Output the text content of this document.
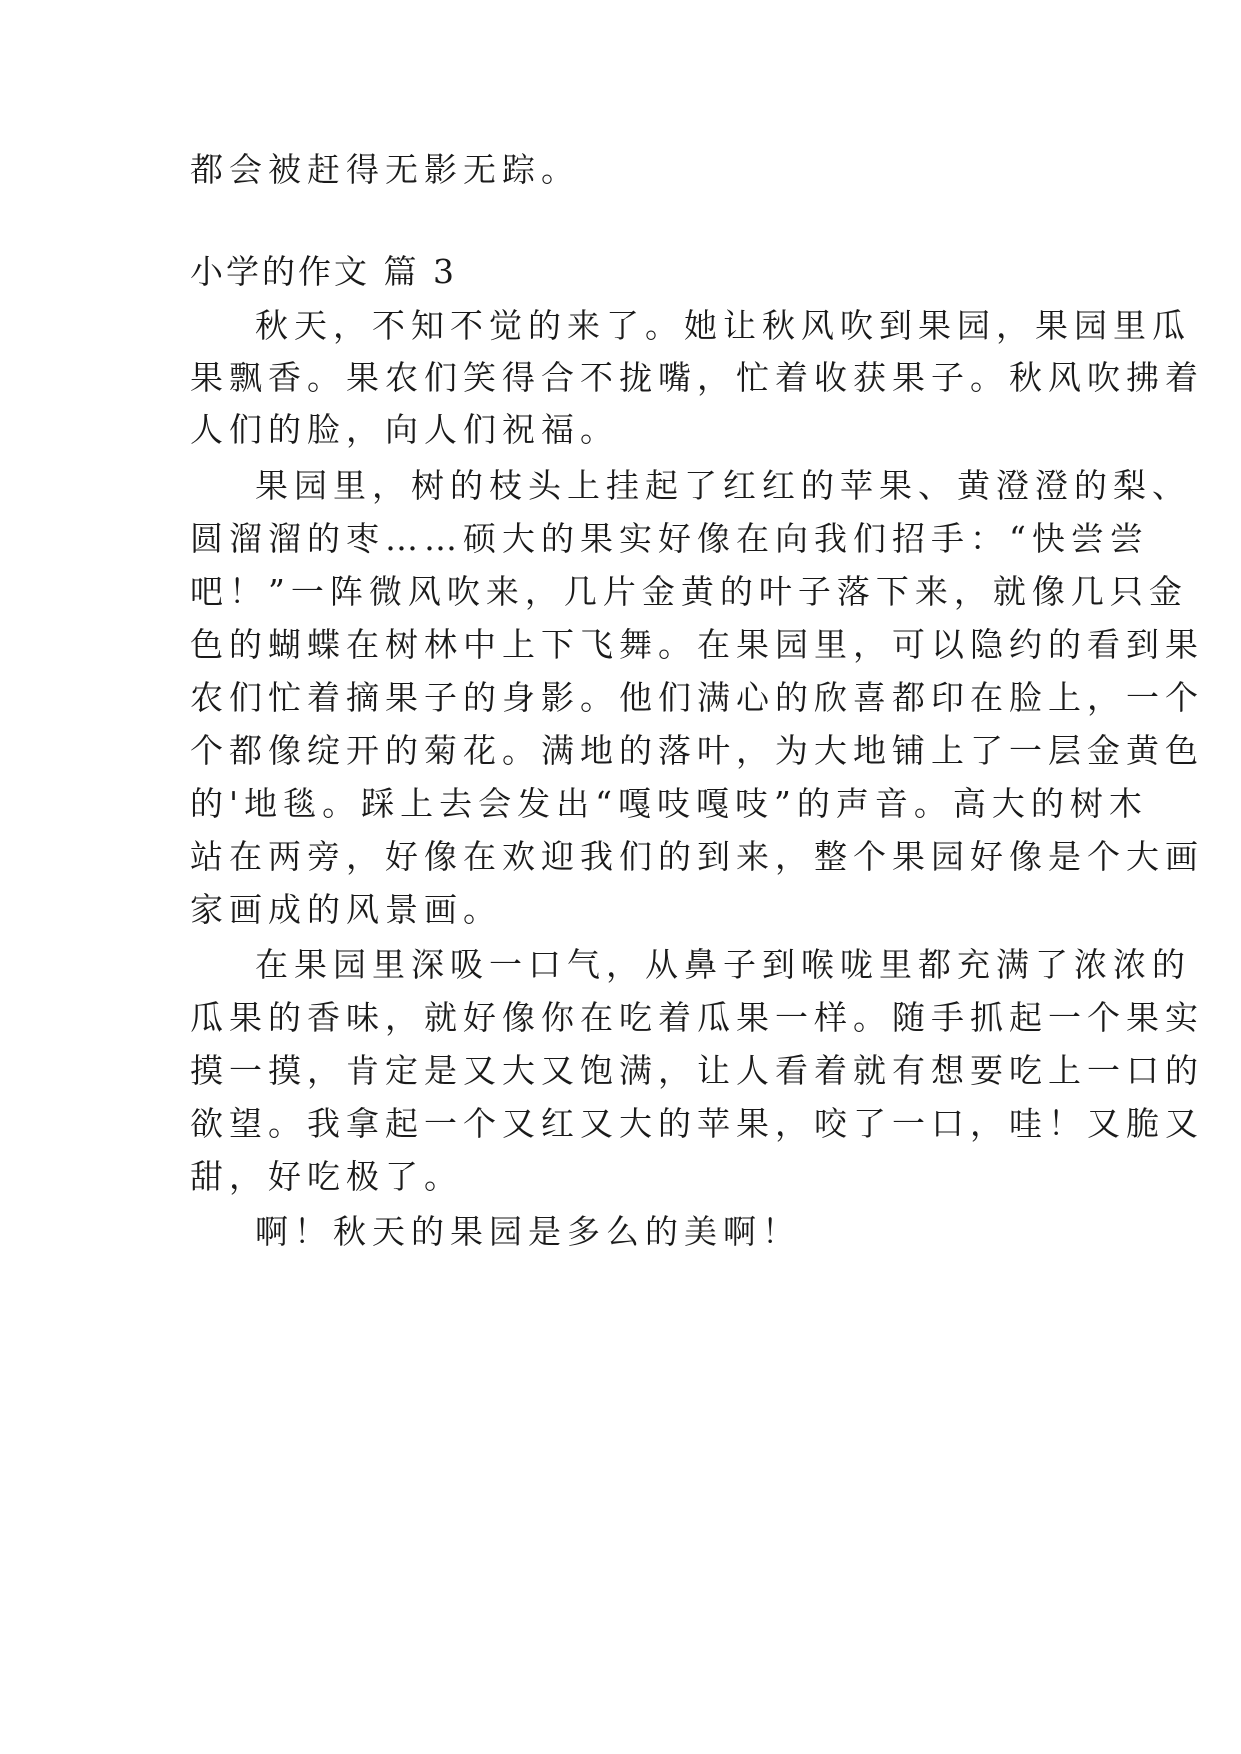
都会被赶得无影无踪。
小学的作文 篇 3
秋天，不知不觉的来了。她让秋风吹到果园，果园里瓜
果飘香。果农们笑得合不拢嘴，忙着收获果子。秋风吹拂着
人们的脸，向人们祝福。
果园里，树的枝头上挂起了红红的苹果、黄澄澄的梨、
圆溜溜的枣……硕大的果实好像在向我们招手：“快尝尝
吧！”一阵微风吹来，几片金黄的叶子落下来，就像几只金
色的蝴蝶在树林中上下飞舞。在果园里，可以隐约的看到果
农们忙着摘果子的身影。他们满心的欣喜都印在脸上，一个
个都像绽开的菊花。满地的落叶，为大地铺上了一层金黄色
的'地毯。踩上去会发出“嘎吱嘎吱”的声音。高大的树木
站在两旁，好像在欢迎我们的到来，整个果园好像是个大画
家画成的风景画。
在果园里深吸一口气，从鼻子到喉咙里都充满了浓浓的
瓜果的香味，就好像你在吃着瓜果一样。随手抓起一个果实
摸一摸，肯定是又大又饱满，让人看着就有想要吃上一口的
欲望。我拿起一个又红又大的苹果，咬了一口，哇！又脆又
甜，好吃极了。
啊！秋天的果园是多么的美啊！
